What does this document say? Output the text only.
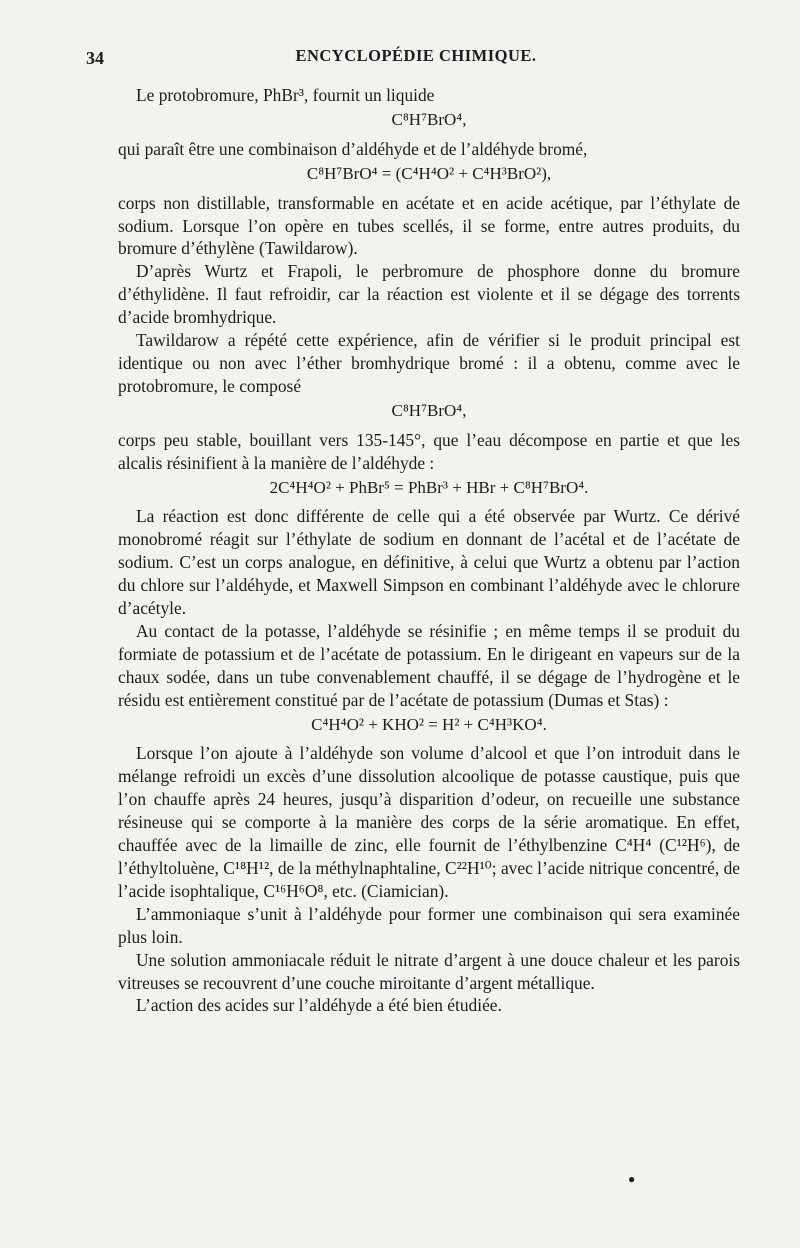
34	ENCYCLOPÉDIE CHIMIQUE.

Le protobromure, PhBr³, fournit un liquide

C⁸H⁷BrO⁴,

qui paraît être une combinaison d’aldéhyde et de l’aldéhyde bromé,

C⁸H⁷BrO⁴ = (C⁴H⁴O² + C⁴H³BrO²),

corps non distillable, transformable en acétate et en acide acétique, par l’éthylate de sodium. Lorsque l’on opère en tubes scellés, il se forme, entre autres produits, du bromure d’éthylène (Tawildarow).

D’après Wurtz et Frapoli, le perbromure de phosphore donne du bromure d’éthylidène. Il faut refroidir, car la réaction est violente et il se dégage des torrents d’acide bromhydrique.

Tawildarow a répété cette expérience, afin de vérifier si le produit principal est identique ou non avec l’éther bromhydrique bromé : il a obtenu, comme avec le protobromure, le composé

C⁸H⁷BrO⁴,

corps peu stable, bouillant vers 135-145°, que l’eau décompose en partie et que les alcalis résinifient à la manière de l’aldéhyde :

2C⁴H⁴O² + PhBr⁵ = PhBr³ + HBr + C⁸H⁷BrO⁴.

La réaction est donc différente de celle qui a été observée par Wurtz. Ce dérivé monobromé réagit sur l’éthylate de sodium en donnant de l’acétal et de l’acétate de sodium. C’est un corps analogue, en définitive, à celui que Wurtz a obtenu par l’action du chlore sur l’aldéhyde, et Maxwell Simpson en combinant l’aldéhyde avec le chlorure d’acétyle.

Au contact de la potasse, l’aldéhyde se résinifie ; en même temps il se produit du formiate de potassium et de l’acétate de potassium. En le dirigeant en vapeurs sur de la chaux sodée, dans un tube convenablement chauffé, il se dégage de l’hydrogène et le résidu est entièrement constitué par de l’acétate de potassium (Dumas et Stas) :

C⁴H⁴O² + KHO² = H² + C⁴H³KO⁴.

Lorsque l’on ajoute à l’aldéhyde son volume d’alcool et que l’on introduit dans le mélange refroidi un excès d’une dissolution alcoolique de potasse caustique, puis que l’on chauffe après 24 heures, jusqu’à disparition d’odeur, on recueille une substance résineuse qui se comporte à la manière des corps de la série aromatique. En effet, chauffée avec de la limaille de zinc, elle fournit de l’éthylbenzine C⁴H⁴ (C¹²H⁶), de l’éthyltoluène, C¹⁸H¹², de la méthylnaphtaline, C²²H¹⁰; avec l’acide nitrique concentré, de l’acide isophtalique, C¹⁶H⁶O⁸, etc. (Ciamician).

L’ammoniaque s’unit à l’aldéhyde pour former une combinaison qui sera examinée plus loin.

Une solution ammoniacale réduit le nitrate d’argent à une douce chaleur et les parois vitreuses se recouvrent d’une couche miroitante d’argent métallique.

L’action des acides sur l’aldéhyde a été bien étudiée.

●
